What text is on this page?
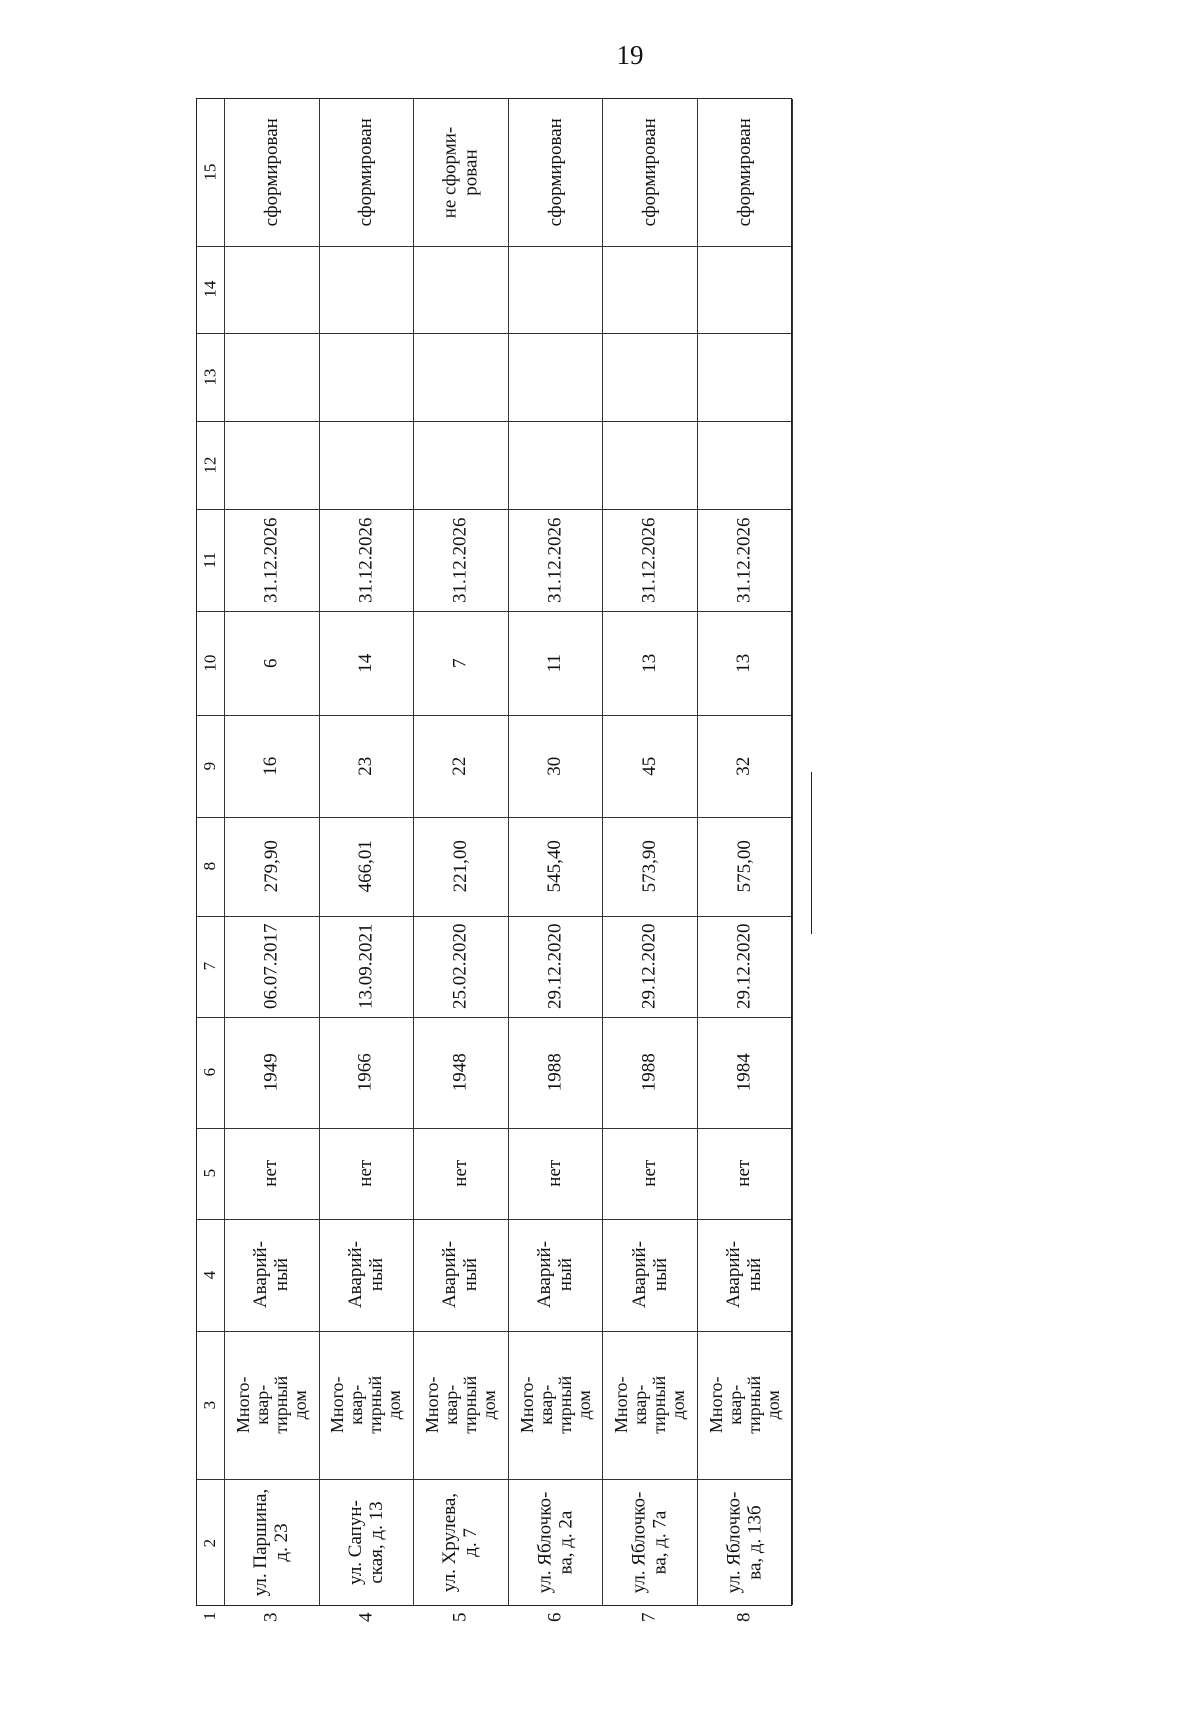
19
15
14
13
12
11
10
9
8
7
6
5
4
3
2
1
сформирован
31.12.2026
6
16
279,90
06.07.2017
1949
нет
Аварий-
ный
Много-
квар-
тирный
дом
ул. Паршина,
д. 23
3
сформирован
31.12.2026
14
23
466,01
13.09.2021
1966
нет
Аварий-
ный
Много-
квар-
тирный
дом
ул. Сапун-
ская, д. 13
4
не сформи-
рован
31.12.2026
7
22
221,00
25.02.2020
1948
нет
Аварий-
ный
Много-
квар-
тирный
дом
ул. Хрулева,
д. 7
5
сформирован
31.12.2026
11
30
545,40
29.12.2020
1988
нет
Аварий-
ный
Много-
квар-
тирный
дом
ул. Яблочко-
ва, д. 2а
6
сформирован
31.12.2026
13
45
573,90
29.12.2020
1988
нет
Аварий-
ный
Много-
квар-
тирный
дом
ул. Яблочко-
ва, д. 7а
7
сформирован
31.12.2026
13
32
575,00
29.12.2020
1984
нет
Аварий-
ный
Много-
квар-
тирный
дом
ул. Яблочко-
ва, д. 13б
8
